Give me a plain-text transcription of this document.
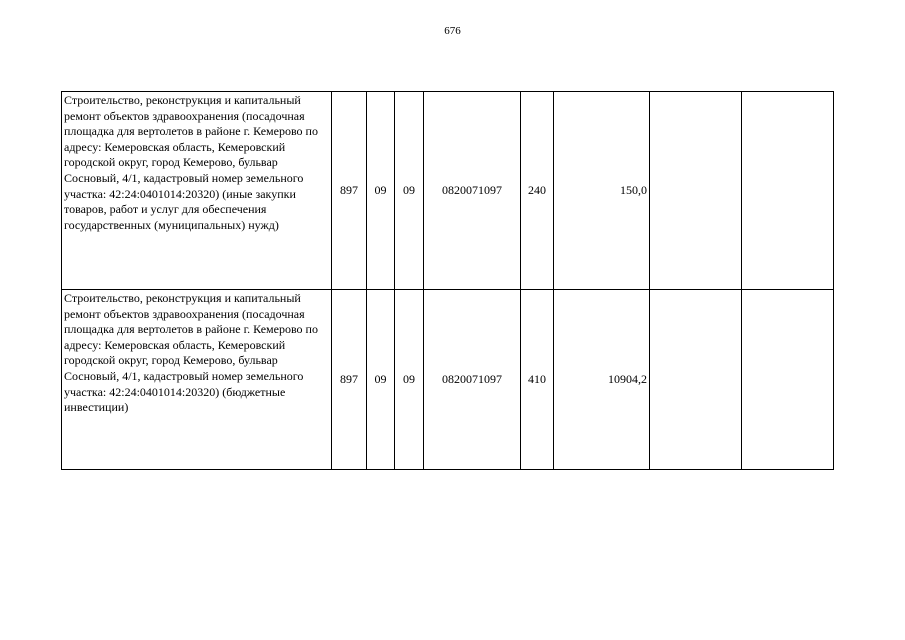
676
Строительство, реконструкция и капитальный ремонт объектов здравоохранения (посадочная площадка для вертолетов в районе г. Кемерово по адресу: Кемеровская область, Кемеровский городской округ, город Кемерово, бульвар Сосновый, 4/1, кадастровый номер земельного участка: 42:24:0401014:20320) (иные закупки товаров, работ и услуг для обеспечения государственных (муниципальных) нужд)	897	09	09	0820071097	240	150,0		
Строительство, реконструкция и капитальный ремонт объектов здравоохранения (посадочная площадка для вертолетов в районе г. Кемерово по адресу: Кемеровская область, Кемеровский городской округ, город Кемерово, бульвар Сосновый, 4/1, кадастровый номер земельного участка: 42:24:0401014:20320) (бюджетные инвестиции)	897	09	09	0820071097	410	10904,2		
